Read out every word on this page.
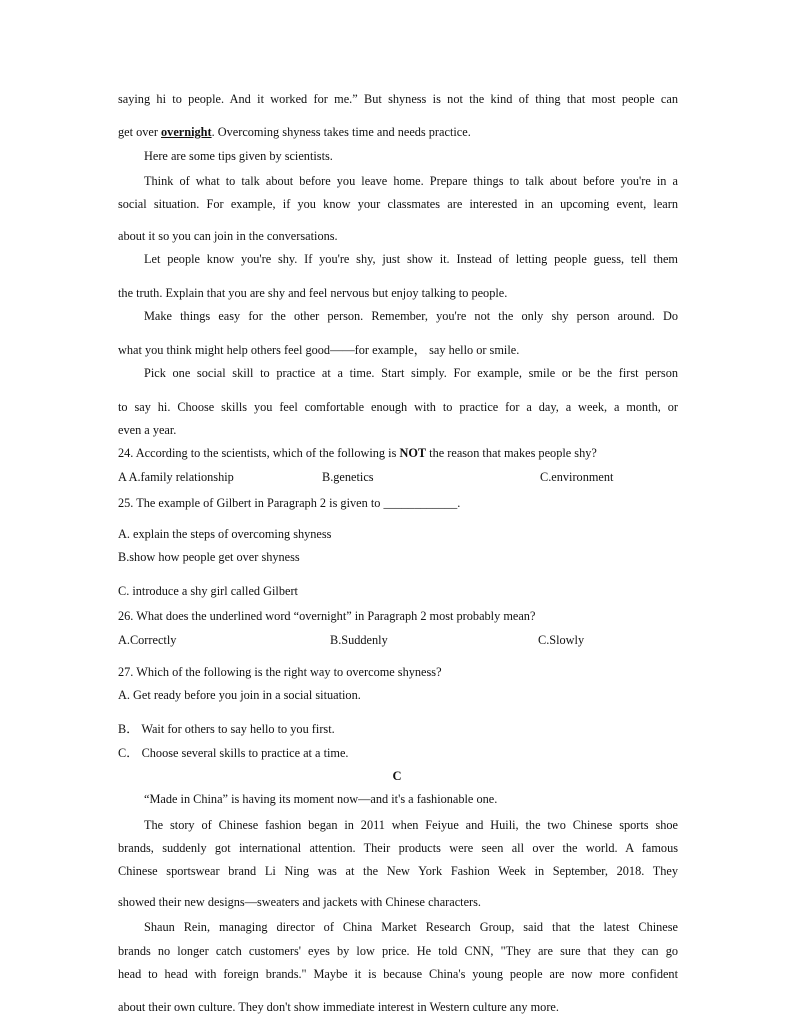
saying hi to people. And it worked for me.” But shyness is not the kind of thing that most people can
get over overnight. Overcoming shyness takes time and needs practice.
Here are some tips given by scientists.
Think of what to talk about before you leave home. Prepare things to talk about before you're in a
social situation. For example, if you know your classmates are interested in an upcoming event, learn
about it so you can join in the conversations.
Let people know you're shy. If you're shy, just show it. Instead of letting people guess, tell them
the truth. Explain that you are shy and feel nervous but enjoy talking to people.
Make things easy for the other person. Remember, you're not the only shy person around. Do
what you think might help others feel good——for example， say hello or smile.
Pick one social skill to practice at a time. Start simply. For example, smile or be the first person
to say hi. Choose skills you feel comfortable enough with to practice for a day, a week, a month, or
even a year.
24. According to the scientists, which of the following is NOT the reason that makes people shy?
A A.family relationship	B.genetics	C.environment
25. The example of Gilbert in Paragraph 2 is given to ____________.
A. explain the steps of overcoming shyness
B.show how people get over shyness
C. introduce a shy girl called Gilbert
26. What does the underlined word “overnight” in Paragraph 2 most probably mean?
A.Correctly	B.Suddenly	C.Slowly
27. Which of the following is the right way to overcome shyness?
A. Get ready before you join in a social situation.
B． Wait for others to say hello to you first.
C． Choose several skills to practice at a time.
C
“Made in China” is having its moment now—and it's a fashionable one.
The story of Chinese fashion began in 2011 when Feiyue and Huili, the two Chinese sports shoe
brands, suddenly got international attention. Their products were seen all over the world. A famous
Chinese sportswear brand Li Ning was at the New York Fashion Week in September, 2018. They
showed their new designs—sweaters and jackets with Chinese characters.
Shaun Rein, managing director of China Market Research Group, said that the latest Chinese
brands no longer catch customers' eyes by low price. He told CNN, "They are sure that they can go
head to head with foreign brands." Maybe it is because China's young people are now more confident
about their own culture. They don't show immediate interest in Western culture any more.
